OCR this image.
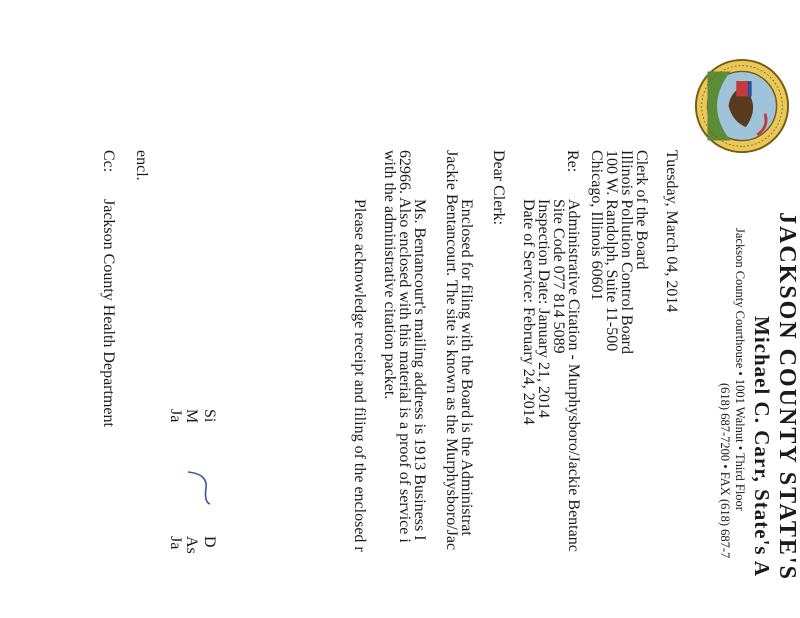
JACKSON COUNTY STATE'S
Michael C. Carr, State's A
Jackson County Courthouse • 1001 Walnut • Third Floor
(618) 687-7200 • FAX (618) 687-7
Tuesday, March 04, 2014
Clerk of the Board
Illinois Pollution Control Board
100 W. Randolph, Suite 11-500
Chicago, Illinois 60601
Re:
Administrative Citation - Murphysboro/Jackie Bentanc
Site Code 077 814 5089
Inspection Date: January 21, 2014
Date of Service: February 24, 2014
Dear Clerk:
Enclosed for filing with the Board is the Administrat
Jackie Bentancourt. The site is known as the Murphysboro/Jac
Ms. Bentancourt's mailing address is 1913 Business I
62966. Also enclosed with this material is a proof of service i
with the administrative citation packet.
Please acknowledge receipt and filing of the enclosed r
Si
M
Ja
D
As
Ja
encl.
Cc:
Jackson County Health Department
